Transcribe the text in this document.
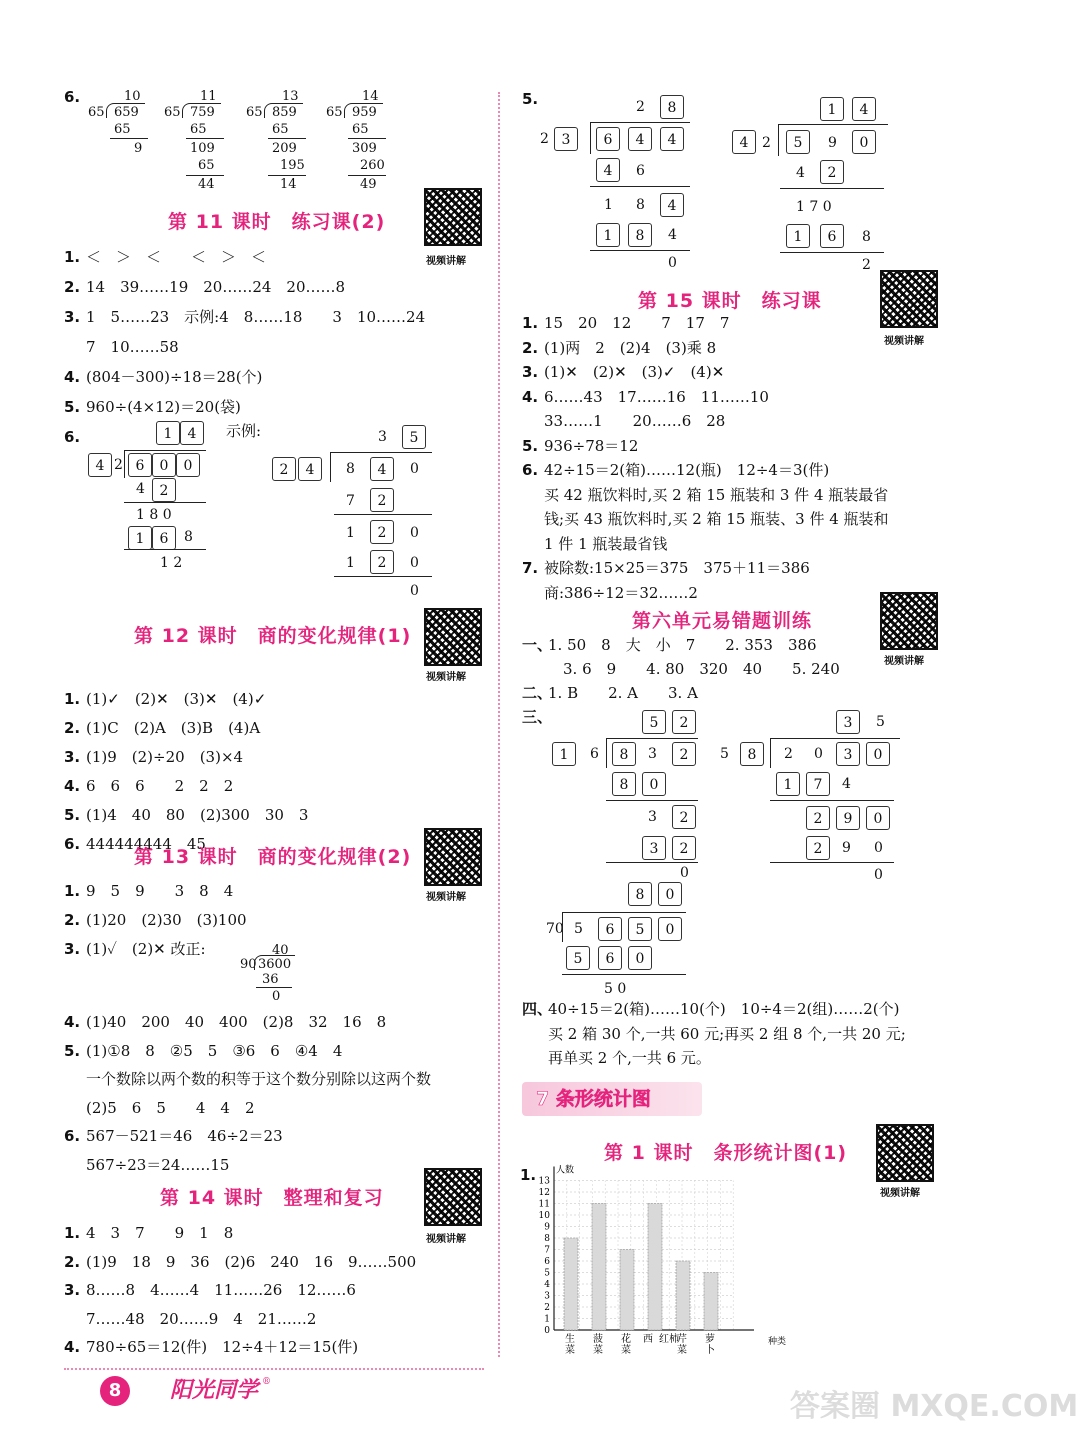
6.	10
65 659
65
9
11
65 759
65
109
65
44
13
65 859
65
209
195
14
14
65 959
65
309
260
49
第 11 课时　练习课(2)
视频讲解
1. ＜　＞　＜　　＜　＞　＜
2. 14　39……19　20……24　20……8
3. 1　5……23　示例:4　8……18　　3　10……24
7　10……58
4. (804－300)÷18＝28(个)
5. 960÷(4×12)＝20(袋)
6.	示例:
1	4
4 2 6	0	0
4	2
1 8 0
1	6	8
1 2
3	5
2	4	8	4	0
7	2
1	2	0
1	2	0
0
第 12 课时　商的变化规律(1)
视频讲解
1. (1)✓　(2)✕　(3)✕　(4)✓
2. (1)C　(2)A　(3)B　(4)A
3. (1)9　(2)÷20　(3)×4
4. 6　6　6　　2　2　2
5. (1)4　40　80　(2)300　30　3
6. 444444444　45
第 13 课时　商的变化规律(2)
视频讲解
1. 9　5　9　　3　8　4
2. (1)20　(2)30　(3)100
3. (1)✓　(2)✕ 改正:	40
90 3600
36
0
4. (1)40　200　40　400　(2)8　32　16　8
5. (1)①8　8　②5　5　③6　6　④4　4
一个数除以两个数的积等于这个数分别除以这两个数
(2)5　6　5　　4　4　2
6. 567－521＝46　46÷2＝23
567÷23＝24……15
第 14 课时　整理和复习
视频讲解
1. 4　3　7　　9　1　8
2. (1)9　18　9　36　(2)6　240　16　9……500
3. 8……8　4……4　11……26　12……6
7……48　20……9　4　21……2
4. 780÷65＝12(件)　12÷4＋12＝15(件)
5.	2	8
2 3	6	4	4
4	6
1 8	4
1	8	4
0
1	4
4 2	5	9	0
4	2
1 7 0
1	6	8
2
第 15 课时　练习课
视频讲解
1. 15　20　12　　7　17　7
2. (1)两　2　(2)4　(3)乘 8
3. (1)✕　(2)✕　(3)✓　(4)✕
4. 6……43　17……16　11……10
33……1　　20……6　28
5. 936÷78＝12
6. 42÷15＝2(箱)……12(瓶)　12÷4＝3(件)
买 42 瓶饮料时,买 2 箱 15 瓶装和 3 件 4 瓶装最省
钱;买 43 瓶饮料时,买 2 箱 15 瓶装、3 件 4 瓶装和
1 件 1 瓶装最省钱
7. 被除数:15×25＝375　375＋11＝386
商:386÷12＝32……2
第六单元易错题训练
视频讲解
一、
1. 50　8　大　小　7　　2. 353　386
　3. 6　9　　4. 80　320　40　　5. 240
二、
1. B　　2. A　　3. A
三、	5	2
1	6	8	3	2
8	0
3	2
3	2
0
3	5
5	8	2 0	3	0
1	7	4
2	9	0
2	9 0
0
8	0
70 5	6	5	0
5	6	0
5 0
四、
40÷15＝2(箱)……10(个)　10÷4＝2(组)……2(个)
买 2 箱 30 个,一共 60 元;再买 2 组 8 个,一共 20 元;
再单买 2 个,一共 6 元。
7 条形统计图
第 1 课时　条形统计图(1)
视频讲解
1.
0
1
2
3
4
5
6
7
8
9
10
11
12
13
人数
种类
生
菜
菠
菜
花
菜
西 红 柿
芹
菜
萝
卜
8	阳光同学 ®
答案圈 MXQE.COM
